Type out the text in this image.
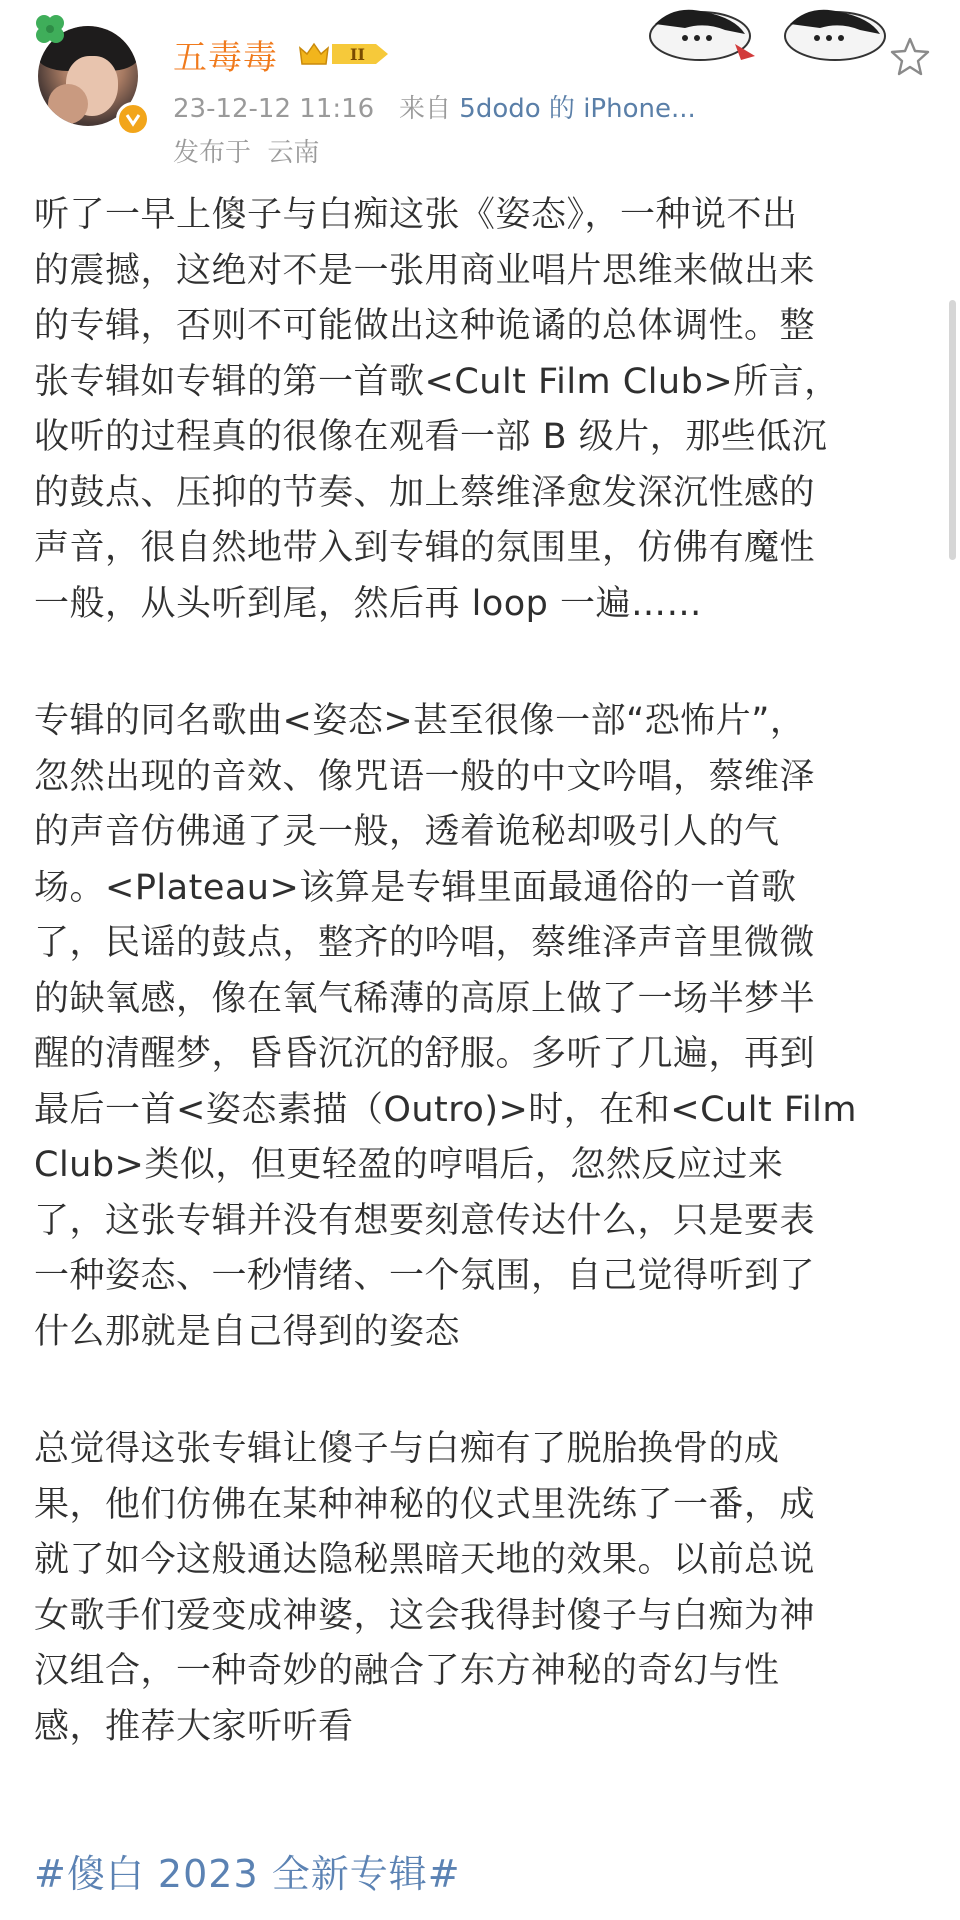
五毒毒	II
23-12-12 11:16 来自 5dodo 的 iPhone...
发布于 云南
听了一早上傻子与白痴这张《姿态》，一种说不出
的震撼，这绝对不是一张用商业唱片思维来做出来
的专辑，否则不可能做出这种诡谲的总体调性。整
张专辑如专辑的第一首歌<Cult Film Club>所言，
收听的过程真的很像在观看一部 B 级片，那些低沉
的鼓点、压抑的节奏、加上蔡维泽愈发深沉性感的
声音，很自然地带入到专辑的氛围里，仿佛有魔性
一般，从头听到尾，然后再 loop 一遍……
专辑的同名歌曲<姿态>甚至很像一部“恐怖片”，
忽然出现的音效、像咒语一般的中文吟唱，蔡维泽
的声音仿佛通了灵一般，透着诡秘却吸引人的气
场。<Plateau>该算是专辑里面最通俗的一首歌
了，民谣的鼓点，整齐的吟唱，蔡维泽声音里微微
的缺氧感，像在氧气稀薄的高原上做了一场半梦半
醒的清醒梦，昏昏沉沉的舒服。多听了几遍，再到
最后一首<姿态素描（Outro)>时，在和<Cult Film
Club>类似，但更轻盈的哼唱后，忽然反应过来
了，这张专辑并没有想要刻意传达什么，只是要表
一种姿态、一秒情绪、一个氛围，自己觉得听到了
什么那就是自己得到的姿态
总觉得这张专辑让傻子与白痴有了脱胎换骨的成
果，他们仿佛在某种神秘的仪式里洗练了一番，成
就了如今这般通达隐秘黑暗天地的效果。以前总说
女歌手们爱变成神婆，这会我得封傻子与白痴为神
汉组合，一种奇妙的融合了东方神秘的奇幻与性
感，推荐大家听听看
#傻白 2023 全新专辑#
